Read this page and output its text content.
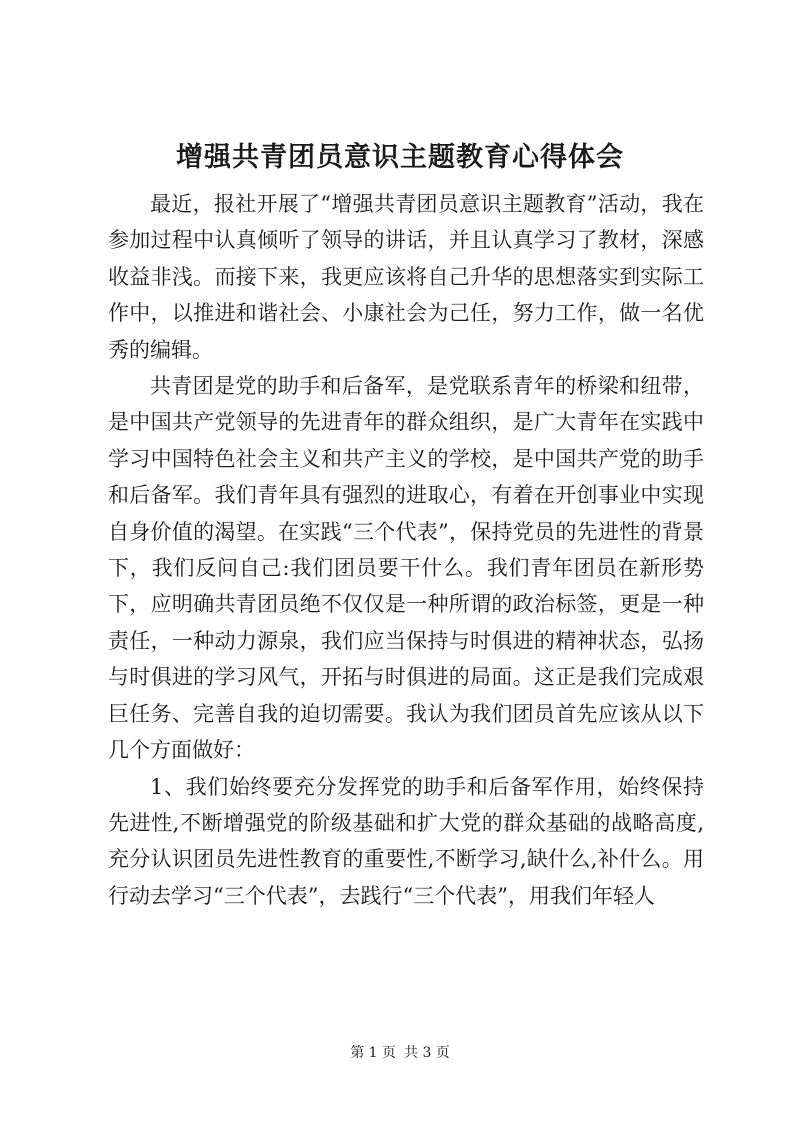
增强共青团员意识主题教育心得体会

最近，报社开展了“增强共青团员意识主题教育”活动，我在参加过程中认真倾听了领导的讲话，并且认真学习了教材，深感收益非浅。而接下来，我更应该将自己升华的思想落实到实际工作中，以推进和谐社会、小康社会为己任，努力工作，做一名优秀的编辑。

共青团是党的助手和后备军，是党联系青年的桥梁和纽带，是中国共产党领导的先进青年的群众组织，是广大青年在实践中学习中国特色社会主义和共产主义的学校，是中国共产党的助手和后备军。我们青年具有强烈的进取心，有着在开创事业中实现自身价值的渴望。在实践“三个代表”，保持党员的先进性的背景下，我们反问自己:我们团员要干什么。我们青年团员在新形势下，应明确共青团员绝不仅仅是一种所谓的政治标签，更是一种责任，一种动力源泉，我们应当保持与时俱进的精神状态，弘扬与时俱进的学习风气，开拓与时俱进的局面。这正是我们完成艰巨任务、完善自我的迫切需要。我认为我们团员首先应该从以下几个方面做好：

1、我们始终要充分发挥党的助手和后备军作用，始终保持先进性,不断增强党的阶级基础和扩大党的群众基础的战略高度,充分认识团员先进性教育的重要性,不断学习,缺什么,补什么。用行动去学习“三个代表”，去践行“三个代表”，用我们年轻人

第 1 页 共 3 页
